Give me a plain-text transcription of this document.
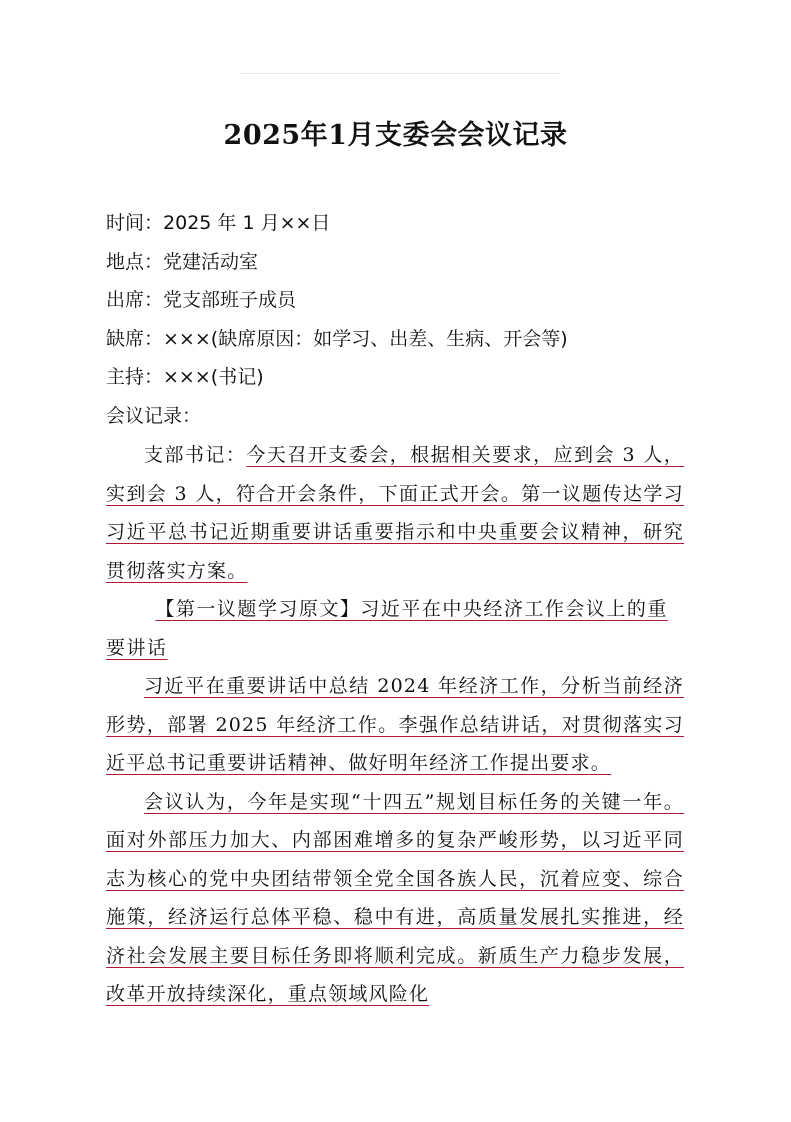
2025年1月支委会会议记录
时间：2025 年 1 月××日
地点：党建活动室
出席：党支部班子成员
缺席：×××(缺席原因：如学习、出差、生病、开会等)
主持：×××(书记)
会议记录：

支部书记：今天召开支委会，根据相关要求，应到会 3 人， 实到会 3 人，符合开会条件，下面正式开会。第一议题传达学习习近平总书记近期重要讲话重要指示和中央重要会议精神，研究贯彻落实方案。

【第一议题学习原文】习近平在中央经济工作会议上的重要讲话

习近平在重要讲话中总结 2024 年经济工作，分析当前经济形势，部署 2025 年经济工作。李强作总结讲话，对贯彻落实习近平总书记重要讲话精神、做好明年经济工作提出要求。

会议认为，今年是实现“十四五”规划目标任务的关键一年。面对外部压力加大、内部困难增多的复杂严峻形势，以习近平同志为核心的党中央团结带领全党全国各族人民，沉着应变、综合施策，经济运行总体平稳、稳中有进，高质量发展扎实推进，经济社会发展主要目标任务即将顺利完成。新质生产力稳步发展，改革开放持续深化，重点领域风险化
